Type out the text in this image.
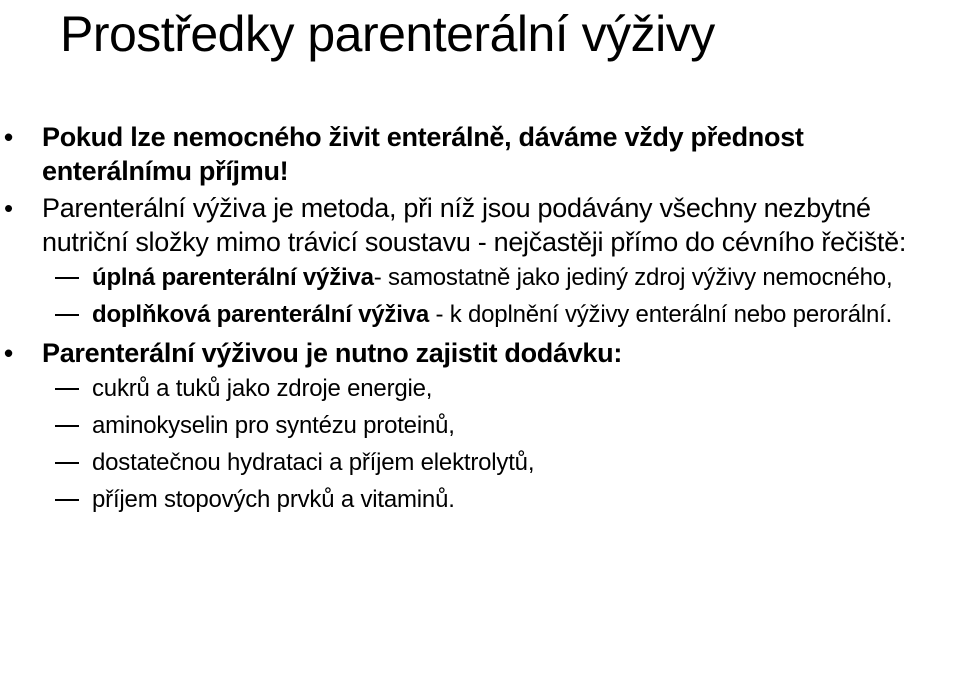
Prostředky parenterální výživy
• Pokud lze nemocného živit enterálně, dáváme vždy přednost enterálnímu příjmu!
• Parenterální výživa je metoda, při níž jsou podávány všechny nezbytné nutriční složky mimo trávicí soustavu - nejčastěji přímo do cévního řečiště:
úplná parenterální výživa- samostatně jako jediný zdroj výživy nemocného,
doplňková parenterální výživa - k doplnění výživy enterální nebo perorální.
• Parenterální výživou je nutno zajistit dodávku:
cukrů a tuků jako zdroje energie,
aminokyselin pro syntézu proteinů,
dostatečnou hydrataci a příjem elektrolytů,
příjem stopových prvků a vitaminů.
